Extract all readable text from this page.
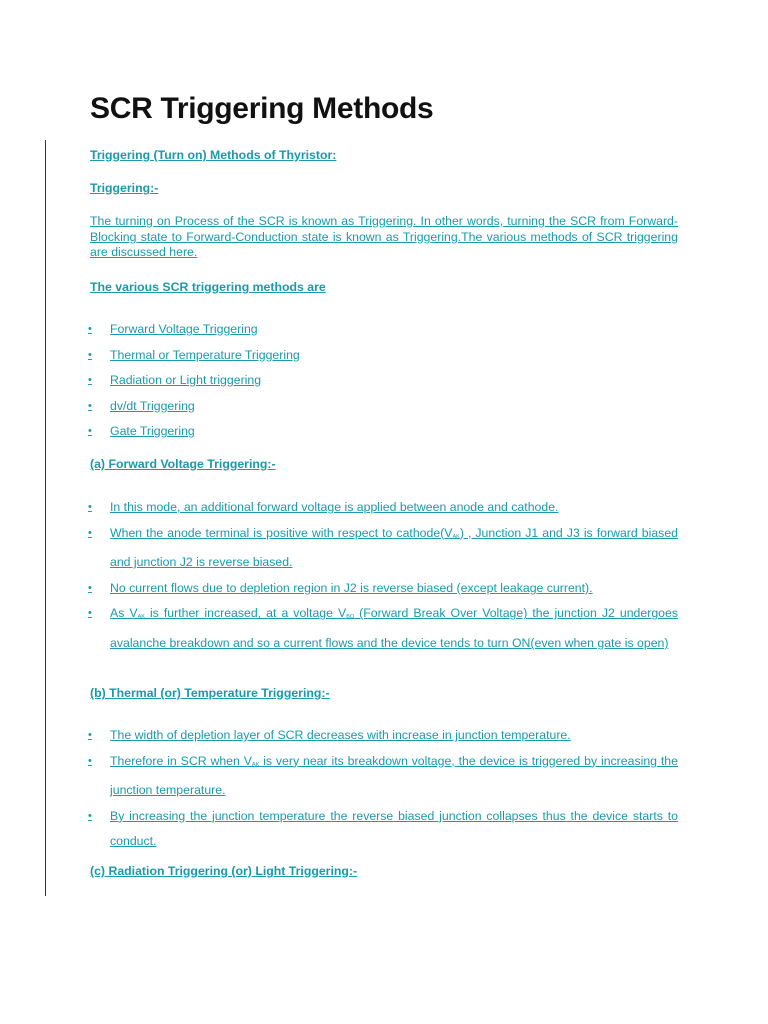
SCR Triggering Methods

Triggering (Turn on) Methods of Thyristor:

Triggering:-

The turning on Process of the SCR is known as Triggering. In other words, turning the SCR from Forward-Blocking state to Forward-Conduction state is known as Triggering.The various methods of SCR triggering are discussed here.

The various SCR triggering methods are

• Forward Voltage Triggering
• Thermal or Temperature Triggering
• Radiation or Light triggering
• dv/dt Triggering
• Gate Triggering

(a) Forward Voltage Triggering:-

• In this mode, an additional forward voltage is applied between anode and cathode.
• When the anode terminal is positive with respect to $cathode(V_{AK})$ , Junction J1 and J3 is forward biased and junction J2 is reverse biased.
• No current flows due to depletion region in J2 is reverse biased (except leakage current).
• As $V_{AK}$ is further increased, at a voltage $V_{BO}$ (Forward Break Over Voltage) the junction J2 undergoes avalanche breakdown and so a current flows and the device tends to turn ON(even when gate is open)

(b) Thermal (or) Temperature Triggering:-

• The width of depletion layer of SCR decreases with increase in junction temperature.
• Therefore in SCR when $V_{AK}$ is very near its breakdown voltage, the device is triggered by increasing the junction temperature.
• By increasing the junction temperature the reverse biased junction collapses thus the device starts to conduct.

(c) Radiation Triggering (or) Light Triggering:-
